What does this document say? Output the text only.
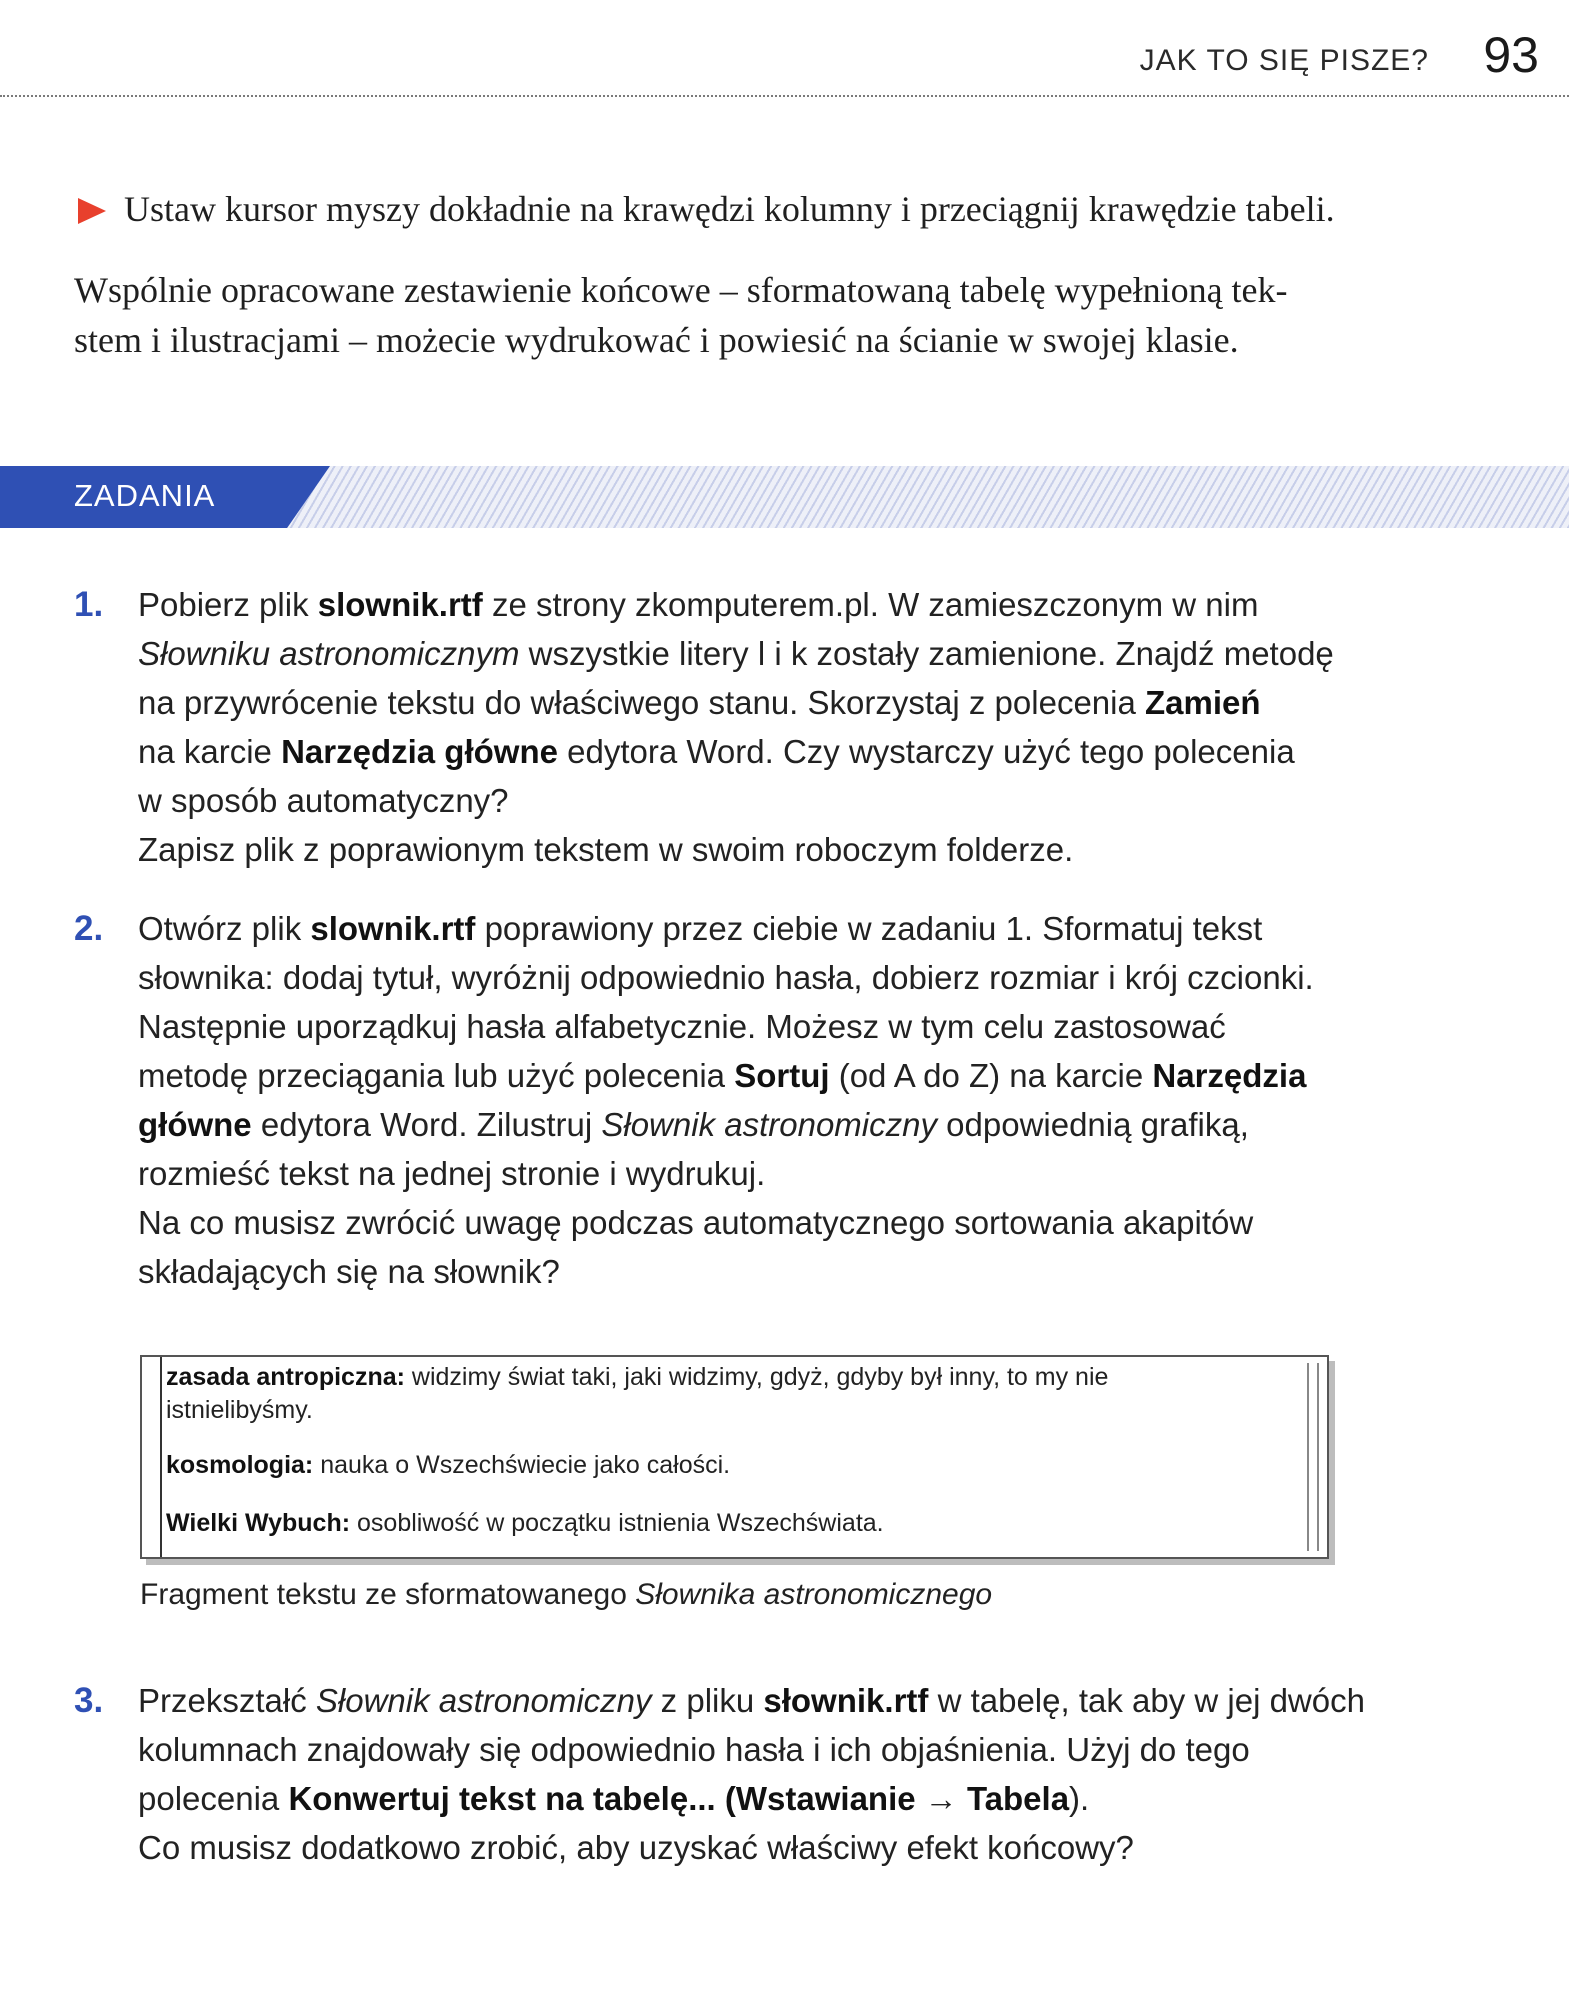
JAK TO SIĘ PISZE? 93
Ustaw kursor myszy dokładnie na krawędzi kolumny i przeciągnij krawędzie tabeli.
Wspólnie opracowane zestawienie końcowe – sformatowaną tabelę wypełnioną tek-
stem i ilustracjami – możecie wydrukować i powiesić na ścianie w swojej klasie.
ZADANIA
1. Pobierz plik slownik.rtf ze strony zkomputerem.pl. W zamieszczonym w nim
Słowniku astronomicznym wszystkie litery l i k zostały zamienione. Znajdź metodę
na przywrócenie tekstu do właściwego stanu. Skorzystaj z polecenia Zamień
na karcie Narzędzia główne edytora Word. Czy wystarczy użyć tego polecenia
w sposób automatyczny?
Zapisz plik z poprawionym tekstem w swoim roboczym folderze.
2. Otwórz plik slownik.rtf poprawiony przez ciebie w zadaniu 1. Sformatuj tekst
słownika: dodaj tytuł, wyróżnij odpowiednio hasła, dobierz rozmiar i krój czcionki.
Następnie uporządkuj hasła alfabetycznie. Możesz w tym celu zastosować
metodę przeciągania lub użyć polecenia Sortuj (od A do Z) na karcie Narzędzia
główne edytora Word. Zilustruj Słownik astronomiczny odpowiednią grafiką,
rozmieść tekst na jednej stronie i wydrukuj.
Na co musisz zwrócić uwagę podczas automatycznego sortowania akapitów
składających się na słownik?
zasada antropiczna: widzimy świat taki, jaki widzimy, gdyż, gdyby był inny, to my nie
istnielibyśmy.
kosmologia: nauka o Wszechświecie jako całości.
Wielki Wybuch: osobliwość w początku istnienia Wszechświata.
Fragment tekstu ze sformatowanego Słownika astronomicznego
3. Przekształć Słownik astronomiczny z pliku słownik.rtf w tabelę, tak aby w jej dwóch
kolumnach znajdowały się odpowiednio hasła i ich objaśnienia. Użyj do tego
polecenia Konwertuj tekst na tabelę... (Wstawianie → Tabela).
Co musisz dodatkowo zrobić, aby uzyskać właściwy efekt końcowy?
